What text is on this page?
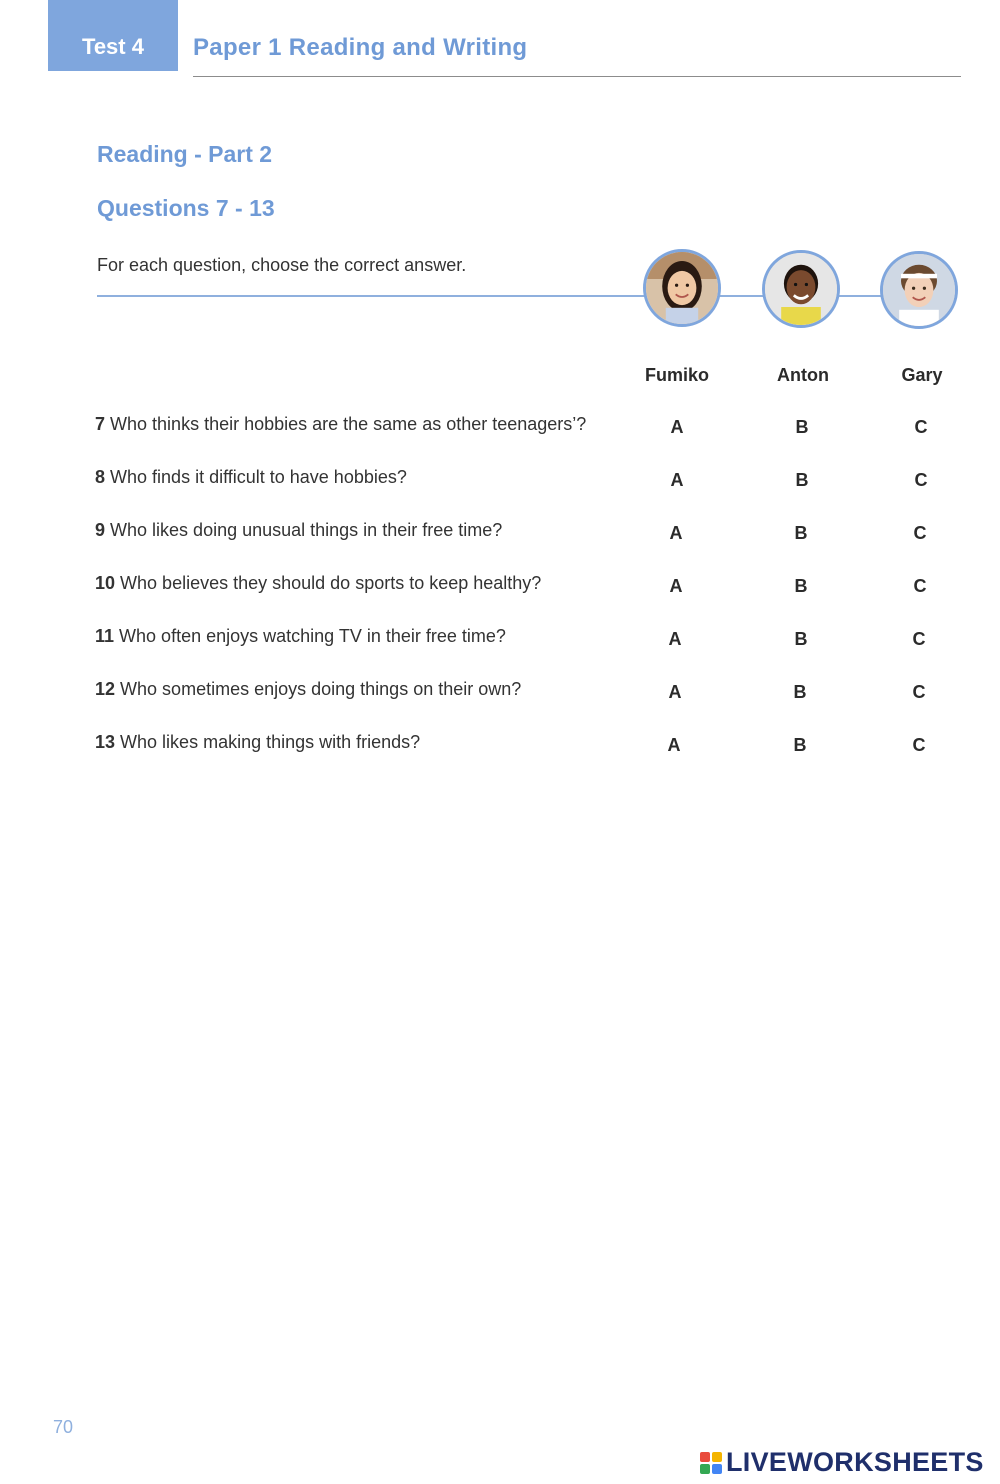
Test 4 Paper 1 Reading and Writing
Reading - Part 2
Questions 7 - 13
For each question, choose the correct answer.
Fumiko	Anton	Gary
7 Who thinks their hobbies are the same as other teenagers’?	A	B	C
8 Who finds it difficult to have hobbies?	A	B	C
9 Who likes doing unusual things in their free time?	A	B	C
10 Who believes they should do sports to keep healthy?	A	B	C
11 Who often enjoys watching TV in their free time?	A	B	C
12 Who sometimes enjoys doing things on their own?	A	B	C
13 Who likes making things with friends?	A	B	C
70
LIVEWORKSHEETS
